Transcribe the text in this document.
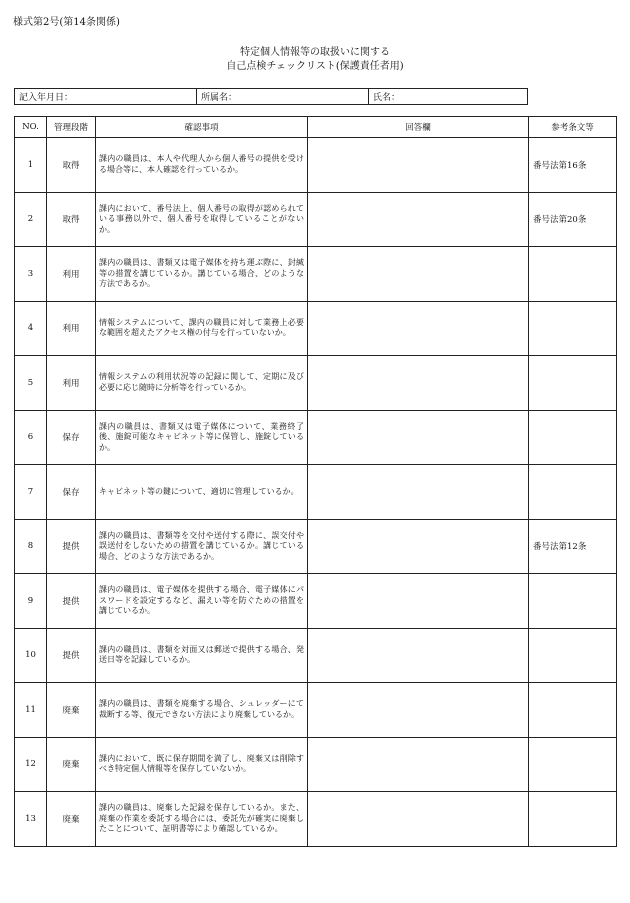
様式第2号(第14条関係)
特定個人情報等の取扱いに関する
自己点検チェックリスト(保護責任者用)
記入年月日：	所属名：	氏名：
NO.	管理段階	確認事項	回答欄	参考条文等
1	取得	課内の職員は、本人や代理人から個人番号の提供を受ける場合等に、本人確認を行っているか。		番号法第16条
2	取得	課内において、番号法上、個人番号の取得が認められている事務以外で、個人番号を取得していることがないか。		番号法第20条
3	利用	課内の職員は、書類又は電子媒体を持ち運ぶ際に、封緘等の措置を講じているか。講じている場合、どのような方法であるか。		
4	利用	情報システムについて、課内の職員に対して業務上必要な範囲を超えたアクセス権の付与を行っていないか。		
5	利用	情報システムの利用状況等の記録に関して、定期に及び必要に応じ随時に分析等を行っているか。		
6	保存	課内の職員は、書類又は電子媒体について、業務終了後、施錠可能なキャビネット等に保管し、施錠しているか。		
7	保存	キャビネット等の鍵について、適切に管理しているか。		
8	提供	課内の職員は、書類等を交付や送付する際に、誤交付や誤送付をしないための措置を講じているか。講じている場合、どのような方法であるか。		番号法第12条
9	提供	課内の職員は、電子媒体を提供する場合、電子媒体にパスワードを設定するなど、漏えい等を防ぐための措置を講じているか。		
10	提供	課内の職員は、書類を対面又は郵送で提供する場合、発送日等を記録しているか。		
11	廃棄	課内の職員は、書類を廃棄する場合、シュレッダーにて裁断する等、復元できない方法により廃棄しているか。		
12	廃棄	課内において、既に保存期間を満了し、廃棄又は削除すべき特定個人情報等を保存していないか。		
13	廃棄	課内の職員は、廃棄した記録を保存しているか。また、廃棄の作業を委託する場合には、委託先が確実に廃棄したことについて、証明書等により確認しているか。		
